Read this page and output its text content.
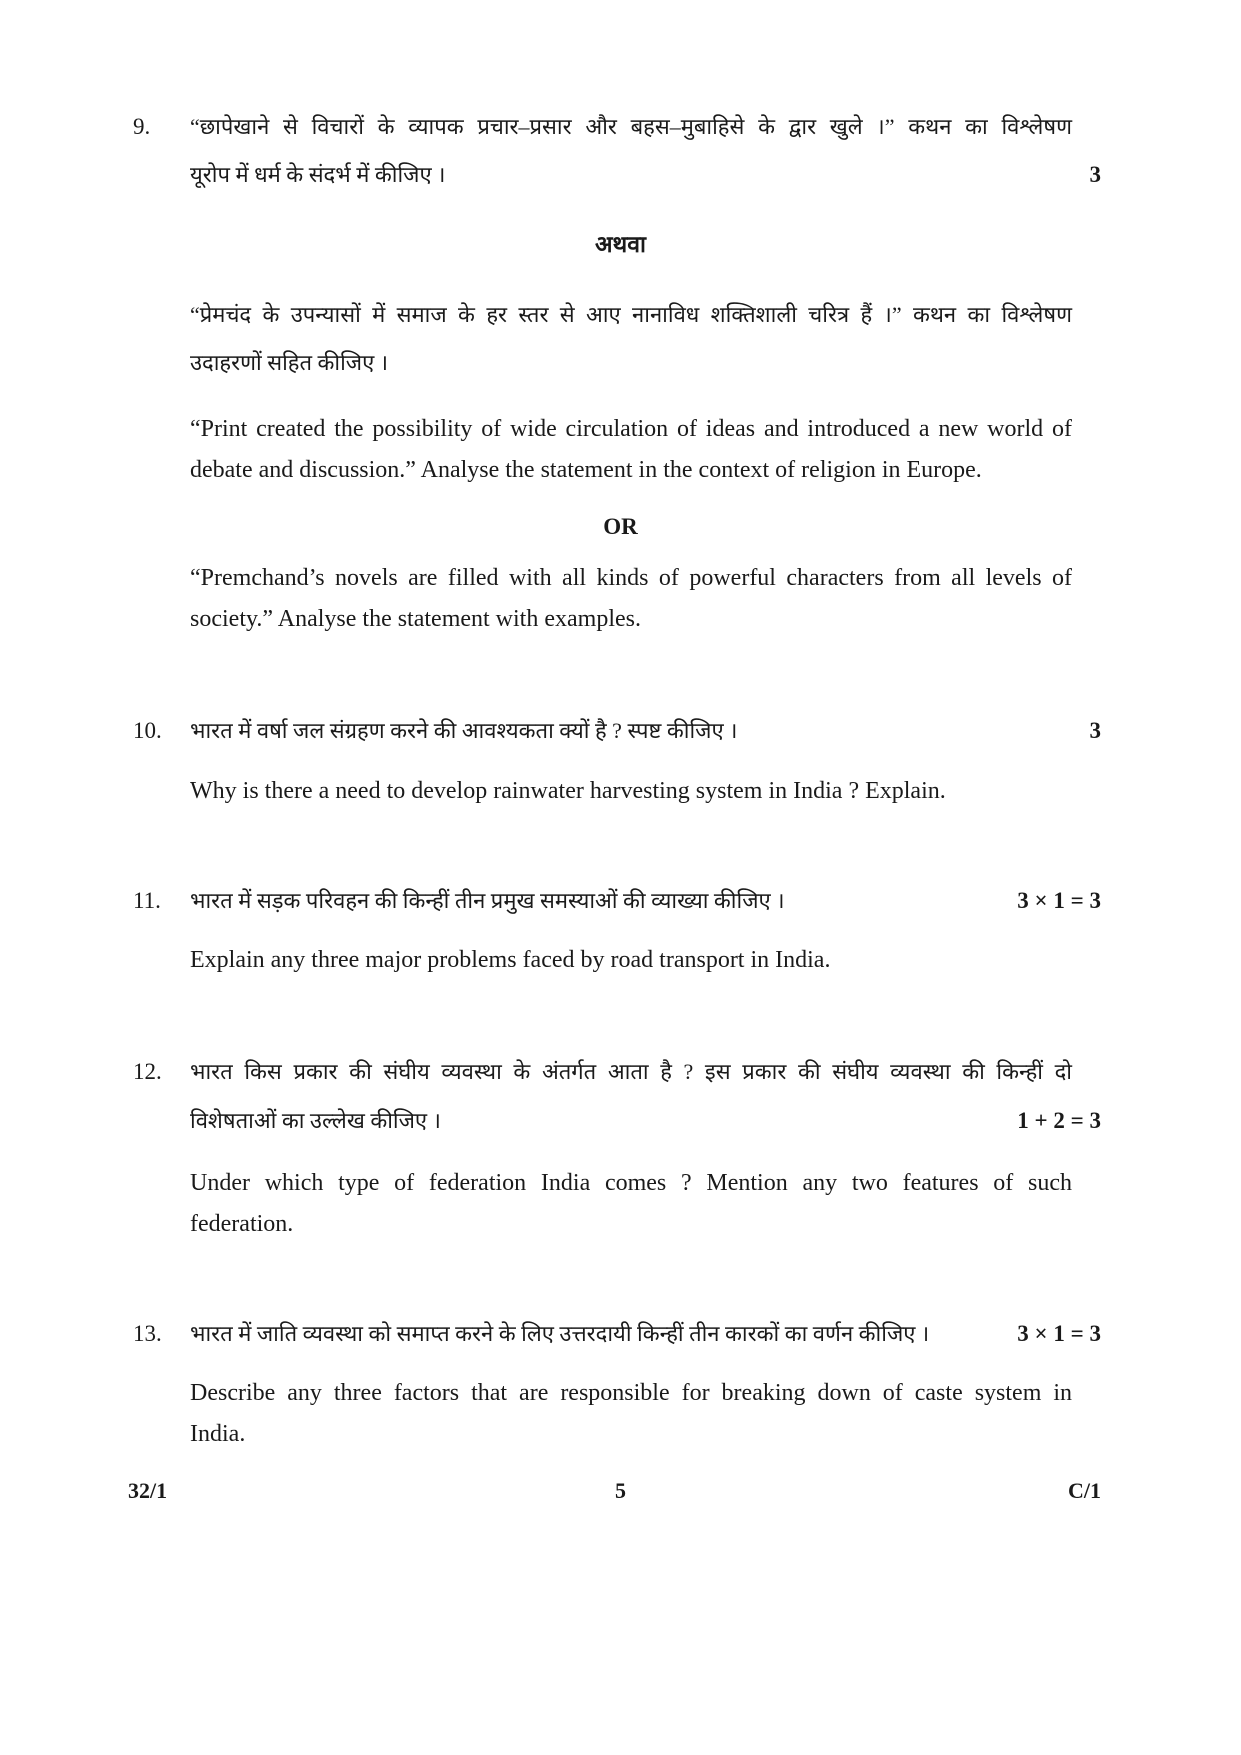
9. “छापेखाने से विचारों के व्यापक प्रचार–प्रसार और बहस–मुबाहिसे के द्वार खुले ।” कथन का विश्लेषण
यूरोप में धर्म के संदर्भ में कीजिए ।	3
अथवा
“प्रेमचंद के उपन्यासों में समाज के हर स्तर से आए नानाविध शक्तिशाली चरित्र हैं ।” कथन का विश्लेषण
उदाहरणों सहित कीजिए ।
“Print created the possibility of wide circulation of ideas and introduced a new world of
debate and discussion.” Analyse the statement in the context of religion in Europe.
OR
“Premchand’s novels are filled with all kinds of powerful characters from all levels of
society.” Analyse the statement with examples.
10. भारत में वर्षा जल संग्रहण करने की आवश्यकता क्यों है ? स्पष्ट कीजिए ।	3
Why is there a need to develop rainwater harvesting system in India ? Explain.
11. भारत में सड़क परिवहन की किन्हीं तीन प्रमुख समस्याओं की व्याख्या कीजिए ।	3 × 1 = 3
Explain any three major problems faced by road transport in India.
12. भारत किस प्रकार की संघीय व्यवस्था के अंतर्गत आता है ? इस प्रकार की संघीय व्यवस्था की किन्हीं दो
विशेषताओं का उल्लेख कीजिए ।	1 + 2 = 3
Under which type of federation India comes ? Mention any two features of such
federation.
13. भारत में जाति व्यवस्था को समाप्त करने के लिए उत्तरदायी किन्हीं तीन कारकों का वर्णन कीजिए ।	3 × 1 = 3
Describe any three factors that are responsible for breaking down of caste system in
India.
32/1	5	C/1
